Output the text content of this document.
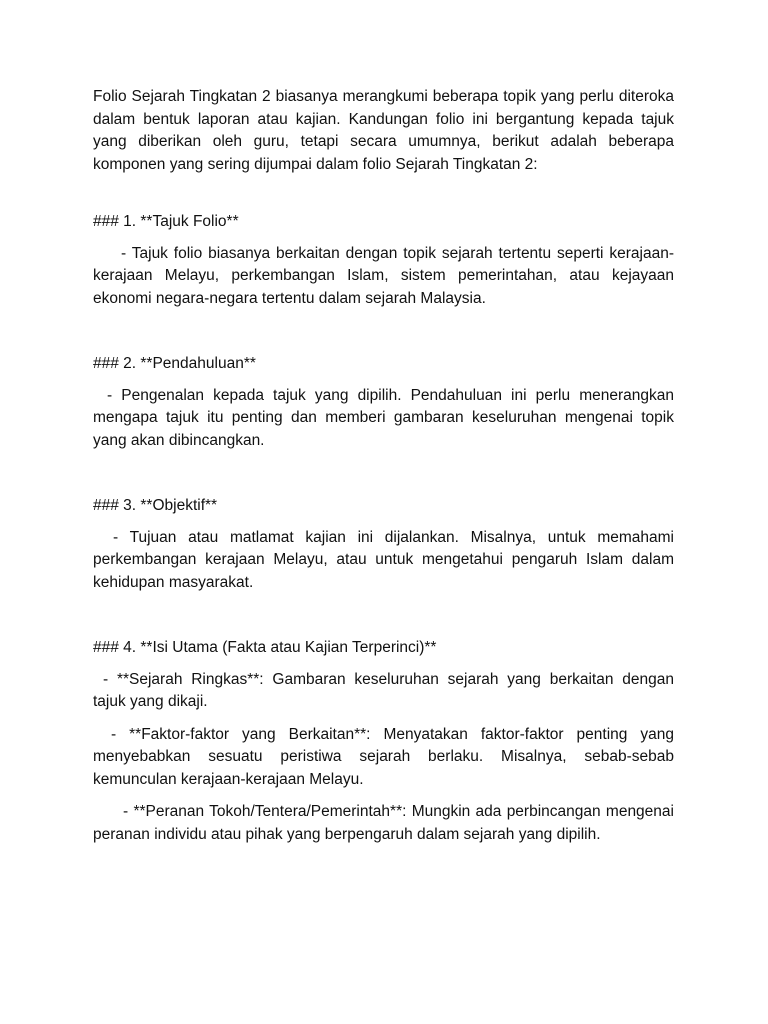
Folio Sejarah Tingkatan 2 biasanya merangkumi beberapa topik yang perlu diteroka dalam bentuk laporan atau kajian. Kandungan folio ini bergantung kepada tajuk yang diberikan oleh guru, tetapi secara umumnya, berikut adalah beberapa komponen yang sering dijumpai dalam folio Sejarah Tingkatan 2:

### 1. **Tajuk Folio**

- Tajuk folio biasanya berkaitan dengan topik sejarah tertentu seperti kerajaan-kerajaan Melayu, perkembangan Islam, sistem pemerintahan, atau kejayaan ekonomi negara-negara tertentu dalam sejarah Malaysia.

### 2. **Pendahuluan**

- Pengenalan kepada tajuk yang dipilih. Pendahuluan ini perlu menerangkan mengapa tajuk itu penting dan memberi gambaran keseluruhan mengenai topik yang akan dibincangkan.

### 3. **Objektif**

- Tujuan atau matlamat kajian ini dijalankan. Misalnya, untuk memahami perkembangan kerajaan Melayu, atau untuk mengetahui pengaruh Islam dalam kehidupan masyarakat.

### 4. **Isi Utama (Fakta atau Kajian Terperinci)**

- **Sejarah Ringkas**: Gambaran keseluruhan sejarah yang berkaitan dengan tajuk yang dikaji.

- **Faktor-faktor yang Berkaitan**: Menyatakan faktor-faktor penting yang menyebabkan sesuatu peristiwa sejarah berlaku. Misalnya, sebab-sebab kemunculan kerajaan-kerajaan Melayu.

- **Peranan Tokoh/Tentera/Pemerintah**: Mungkin ada perbincangan mengenai peranan individu atau pihak yang berpengaruh dalam sejarah yang dipilih.
